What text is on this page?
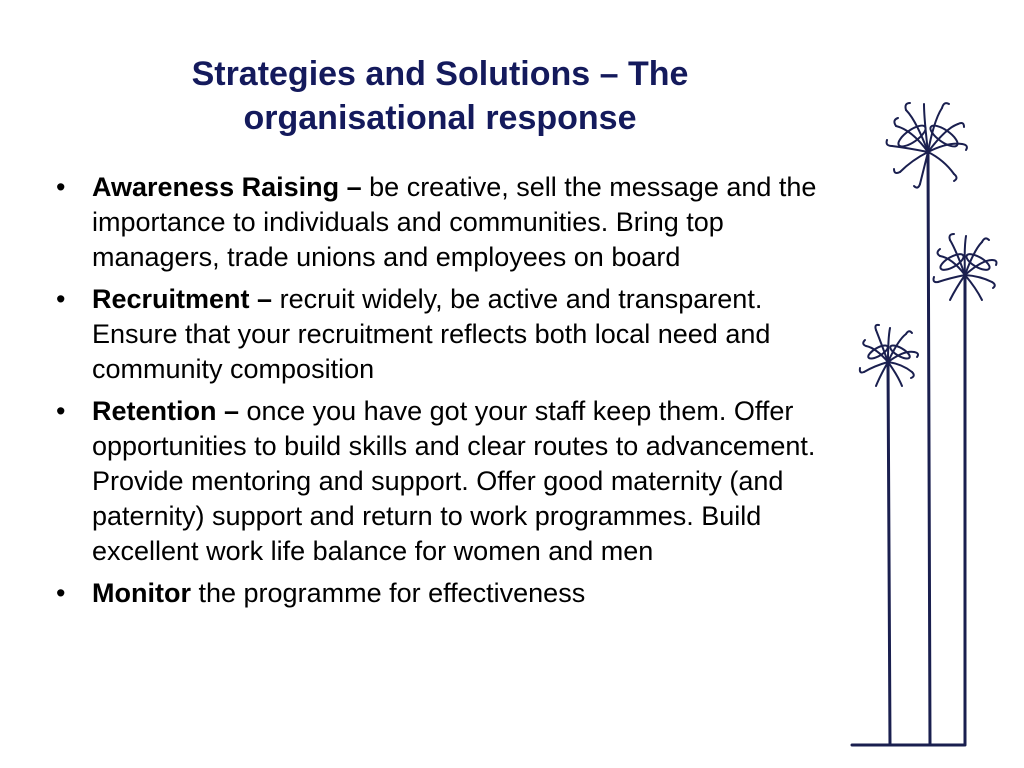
Strategies and Solutions – The
organisational response
• Awareness Raising – be creative, sell the message and the importance to individuals and communities. Bring top managers, trade unions and employees on board
• Recruitment – recruit widely, be active and transparent. Ensure that your recruitment reflects both local need and community composition
• Retention – once you have got your staff keep them. Offer opportunities to build skills and clear routes to advancement. Provide mentoring and support. Offer good maternity (and paternity) support and return to work programmes. Build excellent work life balance for women and men
• Monitor the programme for effectiveness
